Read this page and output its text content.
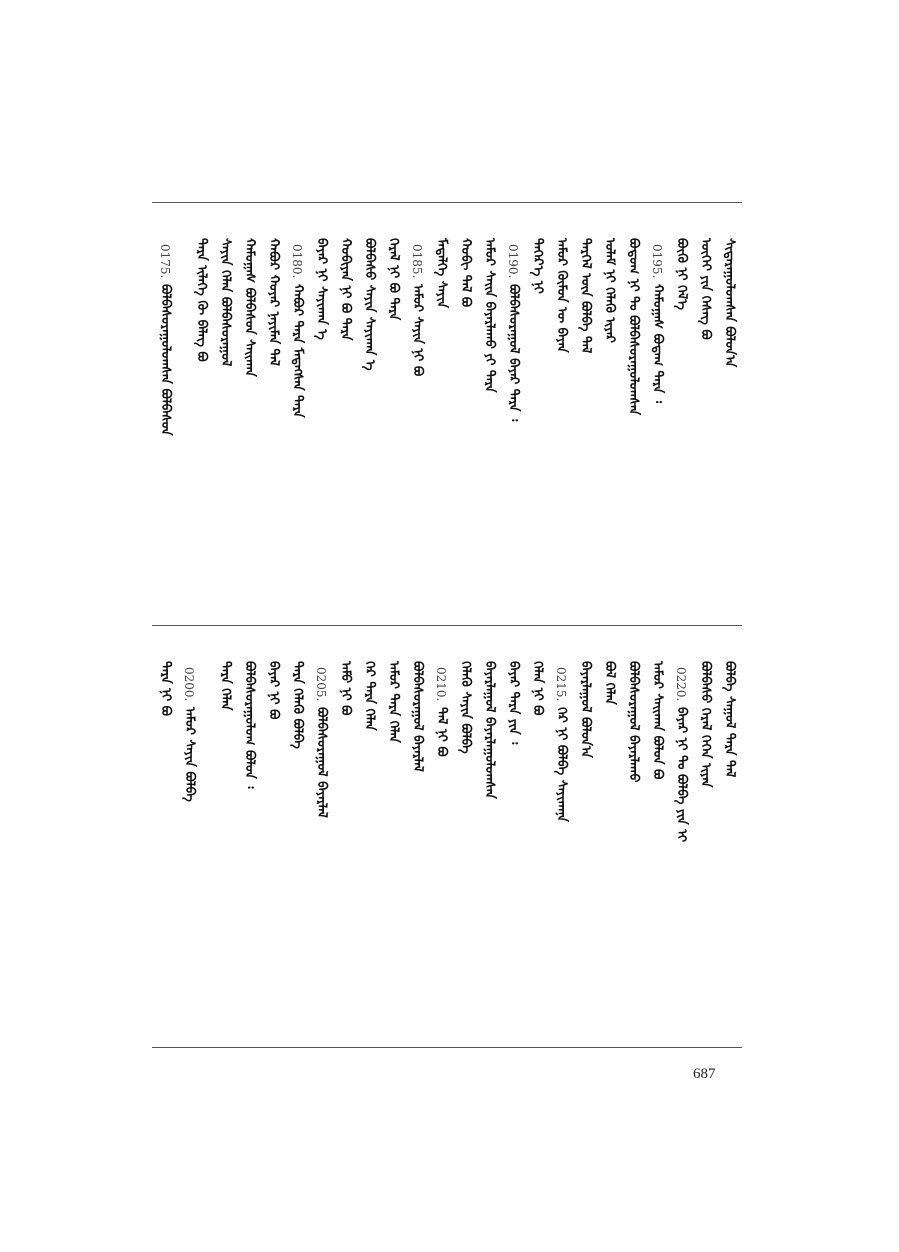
ᠰᠢᠳᠠᠷᠠᠭᠤᠯᠤᠭᠰᠠᠨ ᠪᠤᠯᠤᠨ᠎ᠠ
ᠦᠭᠡᠢ ᠶᠢᠨ ᠬᠡᠰᠡᠭ ᠪᠣ
ᠪᠦᠬᠦ ᠨᠢ ᠭᠡᠯ᠎ᠡ
0195.
ᠬᠠᠮᠤᠭᠠᠰ ᠪᠤᠳᠠᠭ ᠲᠡᠷᠡ ᠄
ᠪᠣᠳᠤᠭ ᠨᠢ ᠲᠣ ᠪᠣᠯᠪᠠᠰᠤᠷᠠᠭᠤᠯᠤᠭᠰᠠᠨ
ᠤᠯᠠᠮ ᠨᠢ ᠬᠡᠯᠡᠬᠦ ᠢᠶᠠᠷ
ᠲᠡᠷᠭᠡᠯ ᠦᠨ ᠪᠣᠯᠪᠠ ᠲᠠᠯ
ᠠᠮᠤᠷ ᠬᠦᠮᠦᠨ ᠦ ᠪᠠᠶᠠᠨ
ᠳᠡᠭᠡᠷ᠎ᠡ ᠨᠢ
0190.
ᠪᠣᠯᠪᠠᠰᠤᠷᠠᠭᠤᠯ ᠪᠠᠶᠠᠷ ᠲᠡᠷᠡ ᠄
ᠠᠮᠤᠷ ᠰᠠᠢᠨ ᠪᠠᠶᠠᠷᠯᠠᠬᠤ ᠶᠢ ᠲᠡᠷᠡ
ᠬᠤᠪᠢ ᠲᠠᠯ ᠪᠣ
ᠮᠡᠳᠡᠯᠭᠡ ᠰᠠᠶᠢᠨ
0185.
ᠠᠮᠤᠷ ᠰᠠᠶᠢᠨ ᠨᠢ ᠪᠣ
ᠭᠡᠷᠡᠯ ᠨᠢ ᠪᠣ ᠲᠡᠷᠡ
ᠪᠣᠯᠪᠠᠰᠤ ᠰᠠᠶᠢᠨ ᠰᠠᠶᠢᠬᠠᠨ ᠡ
ᠬᠤᠪᠢᠶᠠᠨ ᠨᠢ ᠪᠣ ᠲᠡᠷᠡ
ᠪᠠᠶᠠᠷ ᠨᠢ ᠰᠠᠶᠢᠬᠠᠨ ᠡ
0180.
ᠬᠠᠪᠤᠷ ᠲᠡᠷᠡ ᠮᠡᠳᠡᠭᠰᠡᠨ ᠲᠡᠷᠡ
ᠬᠠᠪᠤᠷ ᠬᠣᠶᠠᠷ ᠨᠠᠶᠢᠮᠠᠨ ᠲᠠᠯ
ᠬᠠᠮᠤᠭᠠᠰ ᠪᠣᠯᠪᠠᠰᠤᠨ ᠰᠠᠢᠬᠠᠨ
ᠰᠠᠶᠢᠨ ᠬᠡᠯᠡᠨ ᠪᠣᠯᠪᠠᠰᠤᠷᠠᠭᠤᠯ
ᠲᠡᠷᠡ ᠢᠯᠡᠭᠡ ᠬᠦ ᠪᠡᠯᠡᠭ ᠪᠣ
0175.
ᠪᠣᠯᠪᠠᠰᠤᠷᠠᠭᠤᠯᠤᠭᠰᠠᠨ ᠪᠣᠯᠪᠠᠰᠤᠨ
ᠪᠣᠯᠪᠠ ᠰᠠᠭᠤᠯ ᠲᠡᠷᠡ ᠲᠠᠯ
ᠪᠣᠯᠪᠠᠰᠤ ᠭᠡᠷᠡᠯ ᠭᠡᠭᠡᠨ ᠢᠶᠠᠨ
0220.
ᠪᠠᠶᠠᠷ ᠨᠢ ᠲᠣ ᠪᠣᠯᠪᠠ ᠶᠢᠨ ᠢ
ᠠᠮᠤᠷ ᠰᠠᠢᠬᠠᠨ ᠪᠣᠯᠤᠨ ᠪᠣ
ᠪᠣᠯᠪᠠᠰᠤᠷᠠᠭᠤᠯ ᠪᠠᠶᠠᠷᠯᠠᠬᠤ
ᠪᠣᠯ ᠬᠡᠯᠡᠨ
ᠪᠠᠶᠠᠷᠯᠠᠭᠤᠯ ᠪᠣᠯᠤᠨ᠎ᠠ
0215.
ᠭᠡᠷ ᠨᠢ ᠪᠣᠯᠪᠠ ᠰᠠᠶᠢᠬᠠᠨᠡ
ᠬᠡᠯᠡᠨ ᠨᠢ ᠪᠣ
ᠪᠠᠶᠠᠷ ᠲᠡᠷᠡ ᠶᠢᠨ ᠄
ᠪᠠᠶᠠᠷᠯᠠᠭᠤᠯ ᠪᠠᠶᠠᠷᠯᠠᠭᠤᠯᠤᠭᠰᠠᠨ
ᠬᠡᠯᠡᠬᠦ ᠰᠠᠶᠢᠨ ᠪᠣᠯᠪᠠ
0210.
ᠲᠠᠯ ᠨᠢ ᠪᠣ
ᠪᠣᠯᠪᠠᠰᠤᠷᠠᠭᠤᠯ ᠪᠠᠶᠠᠷᠯᠠᠯ
ᠠᠮᠤᠷ ᠲᠡᠷᠡ ᠬᠡᠯᠡᠨ
ᠭᠡᠷ ᠲᠡᠷᠡ ᠬᠡᠯᠡᠨ
ᠠᠮᠤ ᠨᠢ ᠪᠣ
0205.
ᠪᠣᠯᠪᠠᠰᠤᠷᠠᠭᠤᠯ ᠪᠠᠶᠠᠷᠯᠠᠯ
ᠲᠡᠷᠡ ᠬᠡᠯᠡᠬᠦ ᠪᠣᠯᠪᠠ
ᠪᠠᠶᠠᠷ ᠨᠢ ᠪᠣ
ᠪᠣᠯᠪᠠᠰᠤᠷᠠᠭᠤᠯᠤᠭ ᠪᠣᠯᠤᠨ ᠄
ᠲᠡᠷᠡ ᠬᠡᠯᠡᠨ
0200.
ᠠᠮᠤᠷ ᠰᠠᠶᠢᠨ ᠪᠣᠯᠪᠠ
ᠲᠡᠷᠡ ᠨᠢ ᠪᠣ
687
